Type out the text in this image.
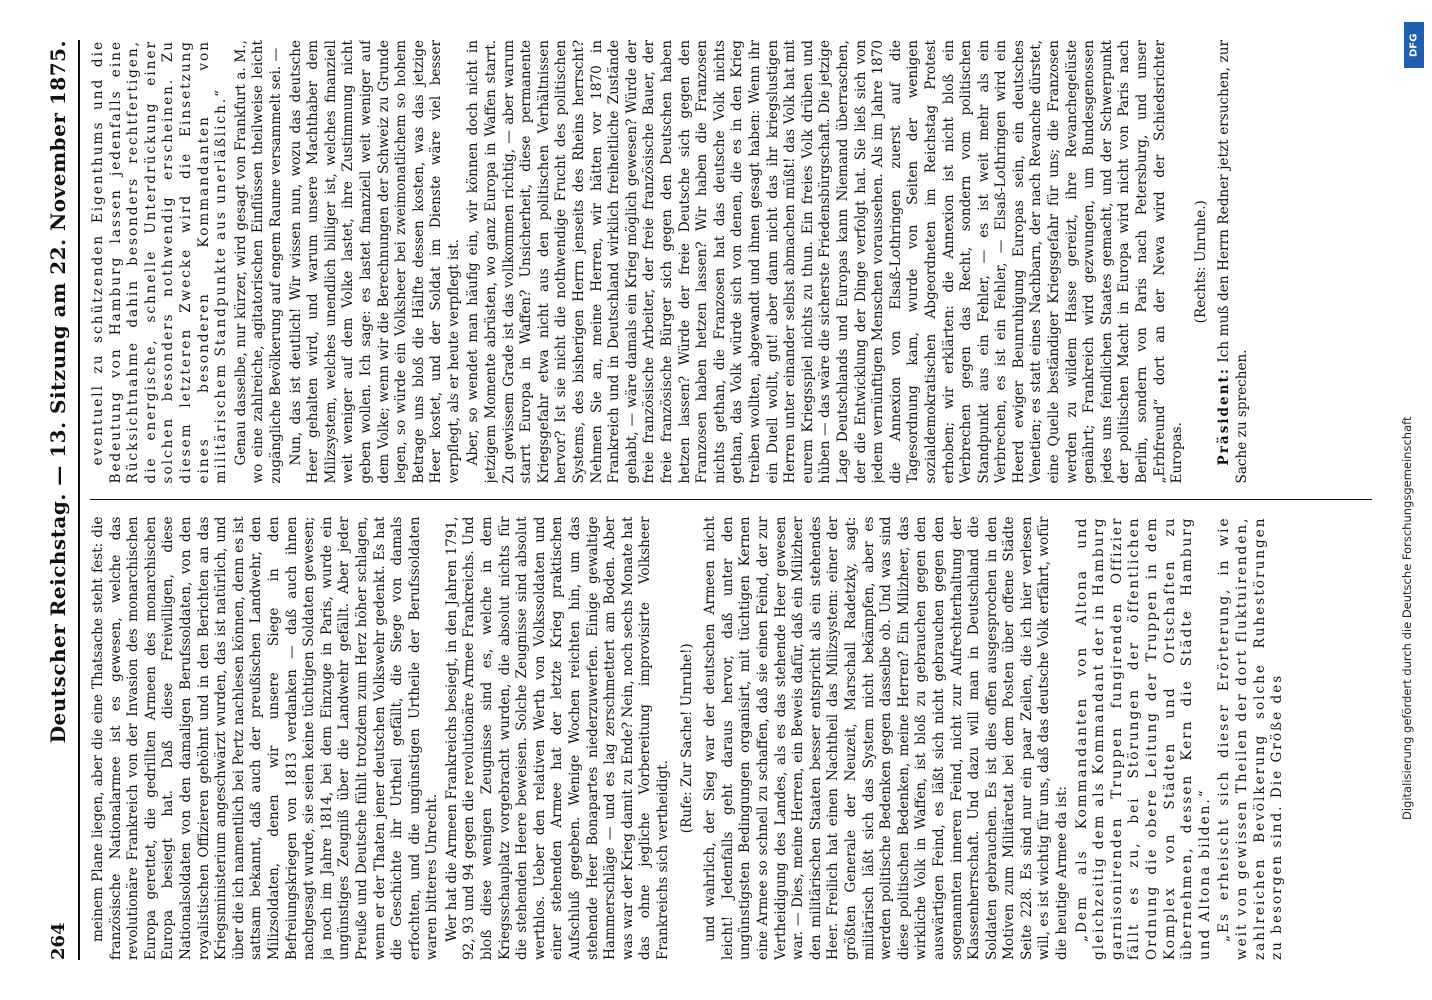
264
Deutscher Reichstag. — 13. Sitzung am 22. November 1875. meinem Plane liegen, aber die eine Thatsache steht fest: die französische Nationalarmee ist es gewesen, welche das revolutionäre Frankreich von der Invasion des monarchischen Europa gerettet, die gedrillten Armeen des monarchischen Europa besiegt hat. Daß diese Freiwilligen, diese Nationalsoldaten von den damaligen Berufssoldaten, von den royalistischen Offizieren gehöhnt und in den Berichten an das Kriegsministerium angeschwärzt wurden, das ist natürlich, und über die ich namentlich bei Pertz nachlesen können, denn es ist sattsam bekannt, daß auch der preußischen Landwehr, den Milizsoldaten, denen wir unsere Siege in den Befreiungskriegen von 1813 verdanken — daß auch ihnen nachgesagt wurde, sie seien keine tüchtigen Soldaten gewesen; ja noch im Jahre 1814, bei dem Einzuge in Paris, wurde ein ungünstiges Zeugniß über die Landwehr gefällt. Aber jeder Preuße und Deutsche fühlt trotzdem zum Herz höher schlagen, wenn er der Thaten jener deutschen Volkswehr gedenkt. Es hat die Geschichte ihr Urtheil gefällt, die Siege von damals erfochten, und die ungünstigen Urtheile der Berufssoldaten waren bitteres Unrecht. Wer hat die Armeen Frankreichs besiegt, in den Jahren 1791, 92, 93 und 94 gegen die revolutionäre Armee Frankreichs. Und bloß diese wenigen Zeugnisse sind es, welche in dem Kriegsschauplatz vorgebracht wurden, die absolut nichts für die stehenden Heere beweisen. Solche Zeugnisse sind absolut werthlos. Ueber den relativen Werth von Volkssoldaten und einer stehenden Armee hat der letzte Krieg praktischen Aufschluß gegeben. Wenige Wochen reichten hin, um das stehende Heer Bonapartes niederzuwerfen. Einige gewaltige Hammerschläge — und es lag zerschmettert am Boden. Aber was war der Krieg damit zu Ende? Nein, noch sechs Monate hat das ohne jegliche Vorbereitung improvisirte Volksheer Frankreichs sich vertheidigt.

(Rufe: Zur Sache! Unruhe!) und wahrlich, der Sieg war der deutschen Armeen nicht leicht! Jedenfalls geht daraus hervor, daß unter den ungünstigsten Bedingungen organisirt, mit tüchtigen Kernen eine Armee so schnell zu schaffen, daß sie einen Feind, der zur Vertheidigung des Landes, als es das stehende Heer gewesen war. — Dies, meine Herren, ein Beweis dafür, daß ein Milizheer den militärischen Staaten besser entspricht als ein stehendes Heer. Freilich hat einen Nachtheil das Milizsystem: einer der größten Generale der Neuzeit, Marschall Radetzky, sagt: militärisch läßt sich das System nicht bekämpfen, aber es werden politische Bedenken gegen dasselbe ob. Und was sind diese politischen Bedenken, meine Herren? Ein Milizheer, das wirkliche Volk in Waffen, ist bloß zu gebrauchen gegen den auswärtigen Feind, es läßt sich nicht gebrauchen gegen den sogenannten inneren Feind, nicht zur Aufrechterhaltung der Klassenherrschaft. Und dazu will man in Deutschland die Soldaten gebrauchen. Es ist dies offen ausgesprochen in den Motiven zum Militäretat bei dem Posten über offene Städte Seite 228. Es sind nur ein paar Zeilen, die ich hier verlesen will, es ist wichtig für uns, daß das deutsche Volk erfährt, wofür die heutige Armee da ist: „Dem als Kommandanten von Altona und gleichzeitig dem als Kommandant der in Hamburg garnisonirenden Truppen fungirenden Offizier fällt es zu, bei Störungen der öffentlichen Ordnung die obere Leitung der Truppen in dem Komplex von Städten und Ortschaften zu übernehmen, dessen Kern die Städte Hamburg und Altona bilden.“ „Es erheischt sich dieser Erörterung, in wie weit von gewissen Theilen der dort fluktuirenden, zahlreichen Bevölkerung solche Ruhestörungen zu besorgen sind. Die Größe des

eventuell zu schützenden Eigenthums und die Bedeutung von Hamburg lassen jedenfalls eine Rücksichtnahme dahin besonders rechtfertigen, die energische, schnelle Unterdrückung einer solchen besonders nothwendig erscheinen. Zu diesem letzteren Zwecke wird die Einsetzung eines besonderen Kommandanten von militärischem Standpunkte aus unerläßlich.“ Genau dasselbe, nur kürzer, wird gesagt von Frankfurt a. M., wo eine zahlreiche, agitatorischen Einflüssen theilweise leicht zugängliche Bevölkerung auf engem Raume versammelt sei. — Nun, das ist deutlich! Wir wissen nun, wozu das deutsche Heer gehalten wird, und warum unsere Machthaber dem Milizsystem, welches unendlich billiger ist, welches finanziell weit weniger auf dem Volke lastet, ihre Zustimmung nicht geben wollen. Ich sage: es lastet finanziell weit weniger auf dem Volke; wenn wir die Berechnungen der Schweiz zu Grunde legen, so würde ein Volksheer bei zweimonatlichem so hohem Betrage uns bloß die Hälfte dessen kosten, was das jetzige Heer kostet, und der Soldat im Dienste wäre viel besser verpflegt, als er heute verpflegt ist. Aber, so wendet man häufig ein, wir können doch nicht in jetzigem Momente abrüsten, wo ganz Europa in Waffen starrt. Zu gewissem Grade ist das vollkommen richtig, — aber warum starrt Europa in Waffen? Unsicherheit, diese permanente Kriegsgefahr etwa nicht aus den politischen Verhältnissen hervor? Ist sie nicht die nothwendige Frucht des politischen Systems, des bisherigen Herrn jenseits des Rheins herrscht? Nehmen Sie an, meine Herren, wir hätten vor 1870 in Frankreich und in Deutschland wirklich freiheitliche Zustände gehabt, — wäre damals ein Krieg möglich gewesen? Würde der freie französische Arbeiter, der freie französische Bauer, der freie französische Bürger sich gegen den Deutschen haben hetzen lassen? Würde der freie Deutsche sich gegen den Franzosen haben hetzen lassen? Wir haben die Franzosen nichts gethan, die Franzosen hat das deutsche Volk nichts gethan, das Volk würde sich von denen, die es in den Krieg treiben wollten, abgewandt und ihnen gesagt haben: Wenn ihr ein Duell wollt, gut! aber dann nicht das ihr kriegslustigen Herren unter einander selbst abmachen müßt! das Volk hat mit eurem Kriegsspiel nichts zu thun. Ein freies Volk drüben und hüben — das wäre die sicherste Friedensbürgschaft. Die jetzige Lage Deutschlands und Europas kann Niemand überraschen, der die Entwicklung der Dinge verfolgt hat. Sie ließ sich von jedem vernünftigen Menschen voraussehen. Als im Jahre 1870 die Annexion von Elsaß-Lothringen zuerst auf die Tagesordnung kam, wurde von Seiten der wenigen sozialdemokratischen Abgeordneten im Reichstag Protest erhoben; wir erklärten: die Annexion ist nicht bloß ein Verbrechen gegen das Recht, sondern vom politischen Standpunkt aus ein Fehler, — es ist weit mehr als ein Verbrechen, es ist ein Fehler, — Elsaß-Lothringen wird ein Heerd ewiger Beunruhigung Europas sein, ein deutsches Venetien; es statt eines Nachbarn, der nach Revanche dürstet, eine Quelle beständiger Kriegsgefahr für uns; die Franzosen werden zu wildem Hasse gereizt, ihre Revanchegelüste genährt; Frankreich wird gezwungen, um Bundesgenossen jedes uns feindlichen Staates gemacht, und der Schwerpunkt der politischen Macht in Europa wird nicht von Paris nach Berlin, sondern von Paris nach Petersburg, und unser „Erbfreund“ dort an der Newa wird der Schiedsrichter Europas.

(Rechts: Unruhe.)

Präsident: Ich muß den Herrn Redner jetzt ersuchen, zur Sache zu sprechen.

DFG
Digitalisierung gefördert durch die Deutsche Forschungsgemeinschaft
